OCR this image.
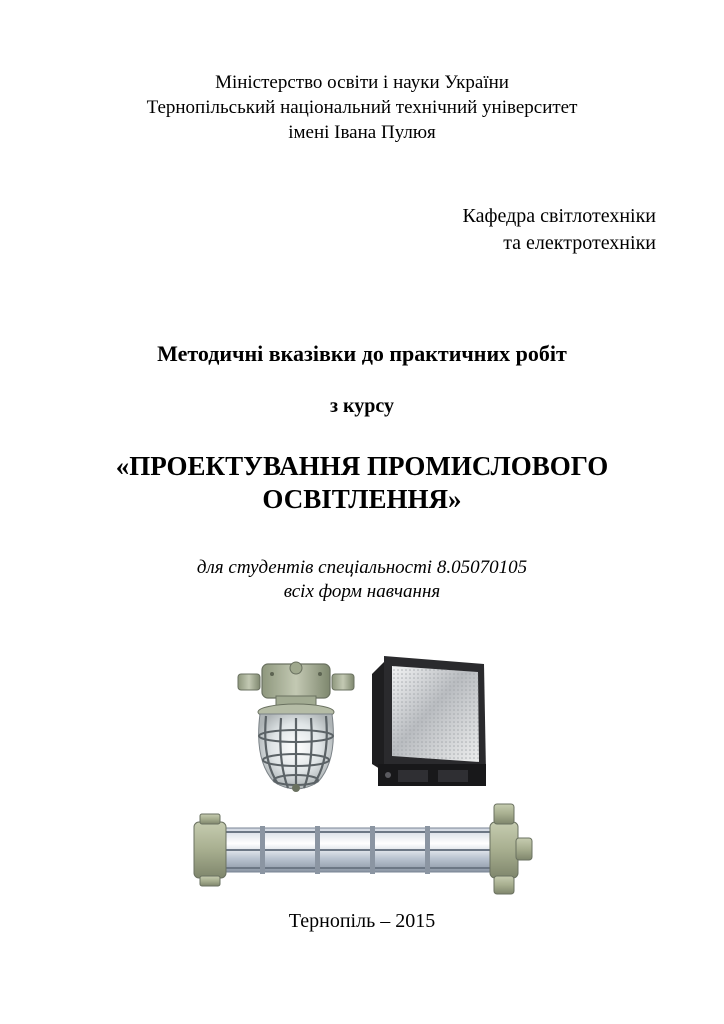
Міністерство освіти і науки України
Тернопільський національний технічний університет
імені Івана Пулюя
Кафедра світлотехніки
та електротехніки
Методичні вказівки до практичних робіт
з курсу
«ПРОЕКТУВАННЯ ПРОМИСЛОВОГО
ОСВІТЛЕННЯ»
для студентів спеціальності 8.05070105
всіх форм навчання
Тернопіль – 2015
